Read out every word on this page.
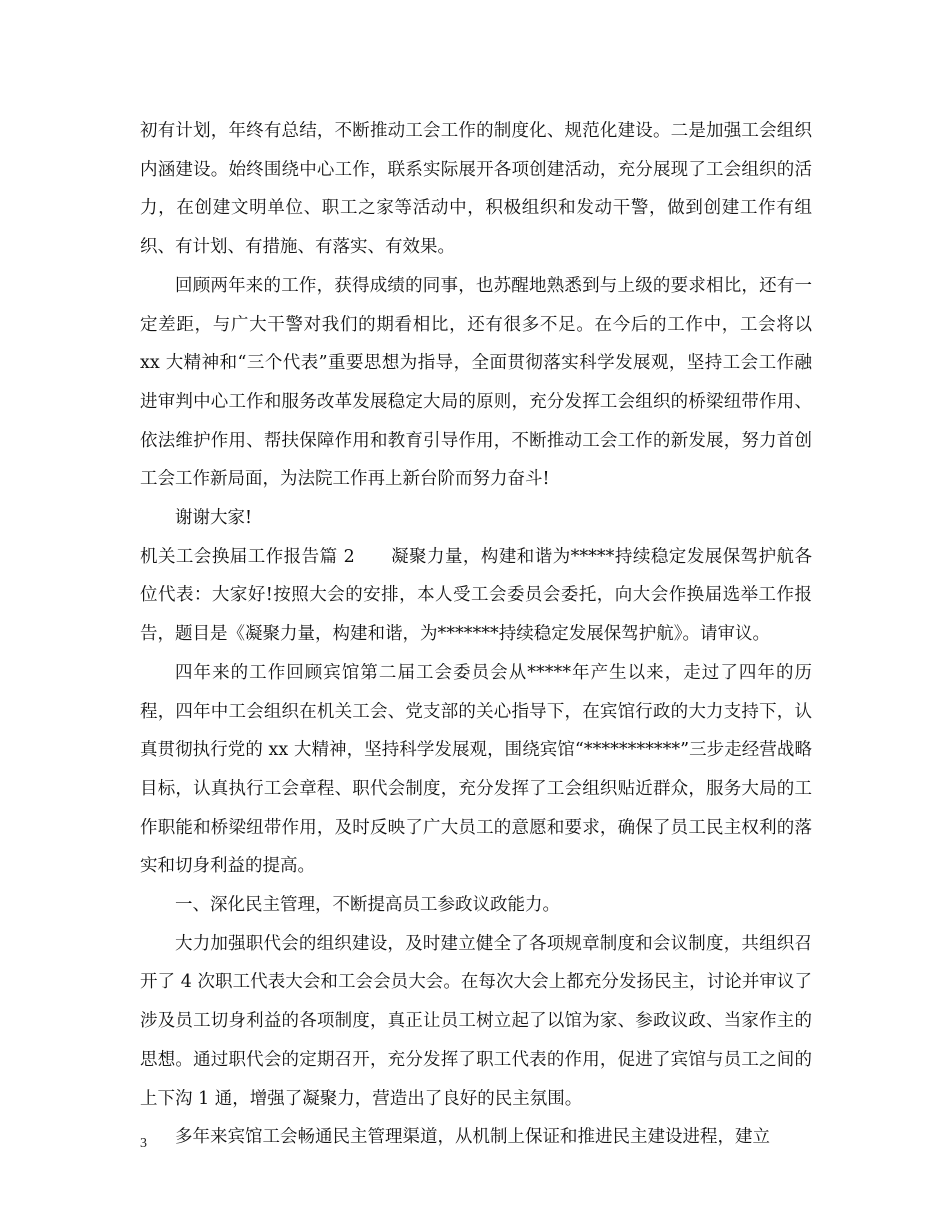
初有计划，年终有总结，不断推动工会工作的制度化、规范化建设。二是加强工会组织内涵建设。始终围绕中心工作，联系实际展开各项创建活动，充分展现了工会组织的活力，在创建文明单位、职工之家等活动中，积极组织和发动干警，做到创建工作有组织、有计划、有措施、有落实、有效果。

回顾两年来的工作，获得成绩的同事，也苏醒地熟悉到与上级的要求相比，还有一定差距，与广大干警对我们的期看相比，还有很多不足。在今后的工作中，工会将以 xx 大精神和“三个代表”重要思想为指导，全面贯彻落实科学发展观，坚持工会工作融进审判中心工作和服务改革发展稳定大局的原则，充分发挥工会组织的桥梁纽带作用、依法维护作用、帮扶保障作用和教育引导作用，不断推动工会工作的新发展，努力首创工会工作新局面，为法院工作再上新台阶而努力奋斗!

谢谢大家!

机关工会换届工作报告篇 2　　凝聚力量，构建和谐为*****持续稳定发展保驾护航各位代表：大家好!按照大会的安排，本人受工会委员会委托，向大会作换届选举工作报告，题目是《凝聚力量，构建和谐，为*******持续稳定发展保驾护航》。请审议。

四年来的工作回顾宾馆第二届工会委员会从*****年产生以来，走过了四年的历程，四年中工会组织在机关工会、党支部的关心指导下，在宾馆行政的大力支持下，认真贯彻执行党的 xx 大精神，坚持科学发展观，围绕宾馆“***********”三步走经营战略目标，认真执行工会章程、职代会制度，充分发挥了工会组织贴近群众，服务大局的工作职能和桥梁纽带作用，及时反映了广大员工的意愿和要求，确保了员工民主权利的落实和切身利益的提高。

一、深化民主管理，不断提高员工参政议政能力。

大力加强职代会的组织建设，及时建立健全了各项规章制度和会议制度，共组织召开了 4 次职工代表大会和工会会员大会。在每次大会上都充分发扬民主，讨论并审议了涉及员工切身利益的各项制度，真正让员工树立起了以馆为家、参政议政、当家作主的思想。通过职代会的定期召开，充分发挥了职工代表的作用，促进了宾馆与员工之间的上下沟 1 通，增强了凝聚力，营造出了良好的民主氛围。

多年来宾馆工会畅通民主管理渠道，从机制上保证和推进民主建设进程，建立

3
